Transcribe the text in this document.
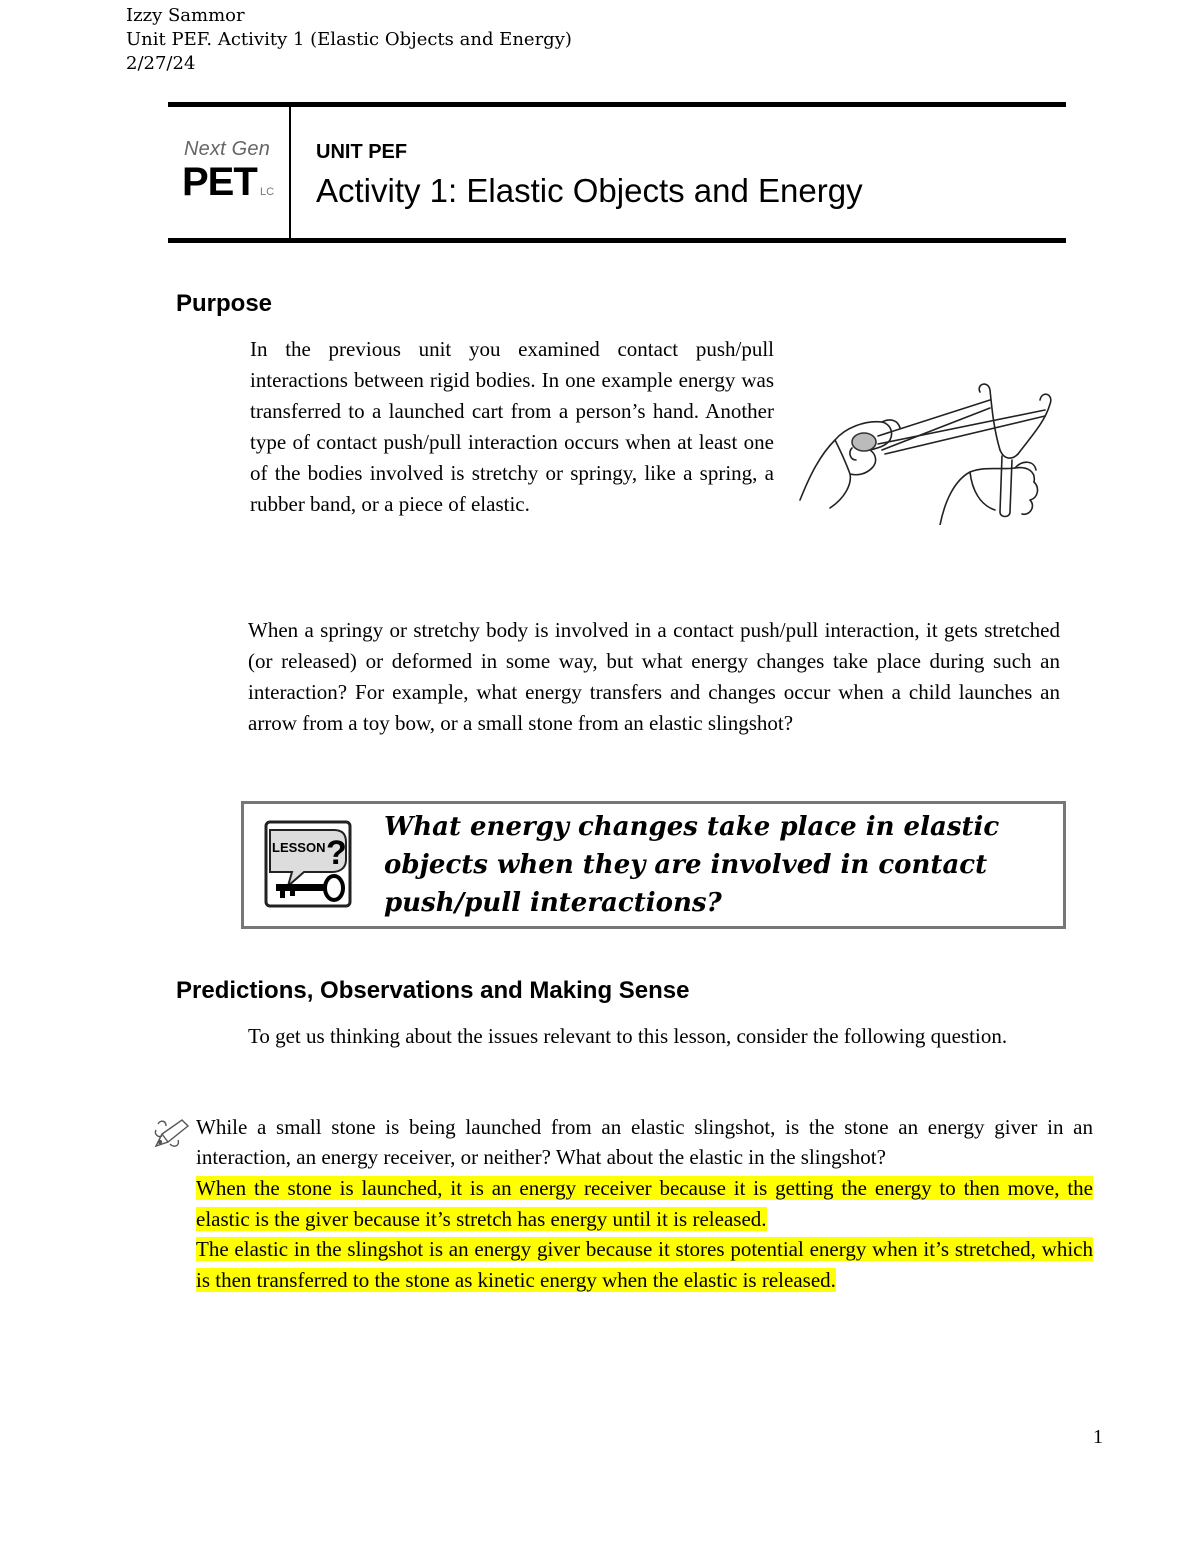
Izzy Sammor
Unit PEF. Activity 1 (Elastic Objects and Energy)
2/27/24
Next Gen
PET LC
UNIT PEF
Activity 1: Elastic Objects and Energy
Purpose
In the previous unit you examined contact push/pull interactions between rigid bodies. In one example energy was transferred to a launched cart from a person’s hand. Another type of contact push/pull interaction occurs when at least one of the bodies involved is stretchy or springy, like a spring, a rubber band, or a piece of elastic.
When a springy or stretchy body is involved in a contact push/pull interaction, it gets stretched (or released) or deformed in some way, but what energy changes take place during such an interaction? For example, what energy transfers and changes occur when a child launches an arrow from a toy bow, or a small stone from an elastic slingshot?
LESSON ?
What energy changes take place in elastic objects when they are involved in contact push/pull interactions?
Predictions, Observations and Making Sense
To get us thinking about the issues relevant to this lesson, consider the following question.
While a small stone is being launched from an elastic slingshot, is the stone an energy giver in an interaction, an energy receiver, or neither? What about the elastic in the slingshot?
When the stone is launched, it is an energy receiver because it is getting the energy to then move, the elastic is the giver because it’s stretch has energy until it is released.
The elastic in the slingshot is an energy giver because it stores potential energy when it’s stretched, which is then transferred to the stone as kinetic energy when the elastic is released.
1
